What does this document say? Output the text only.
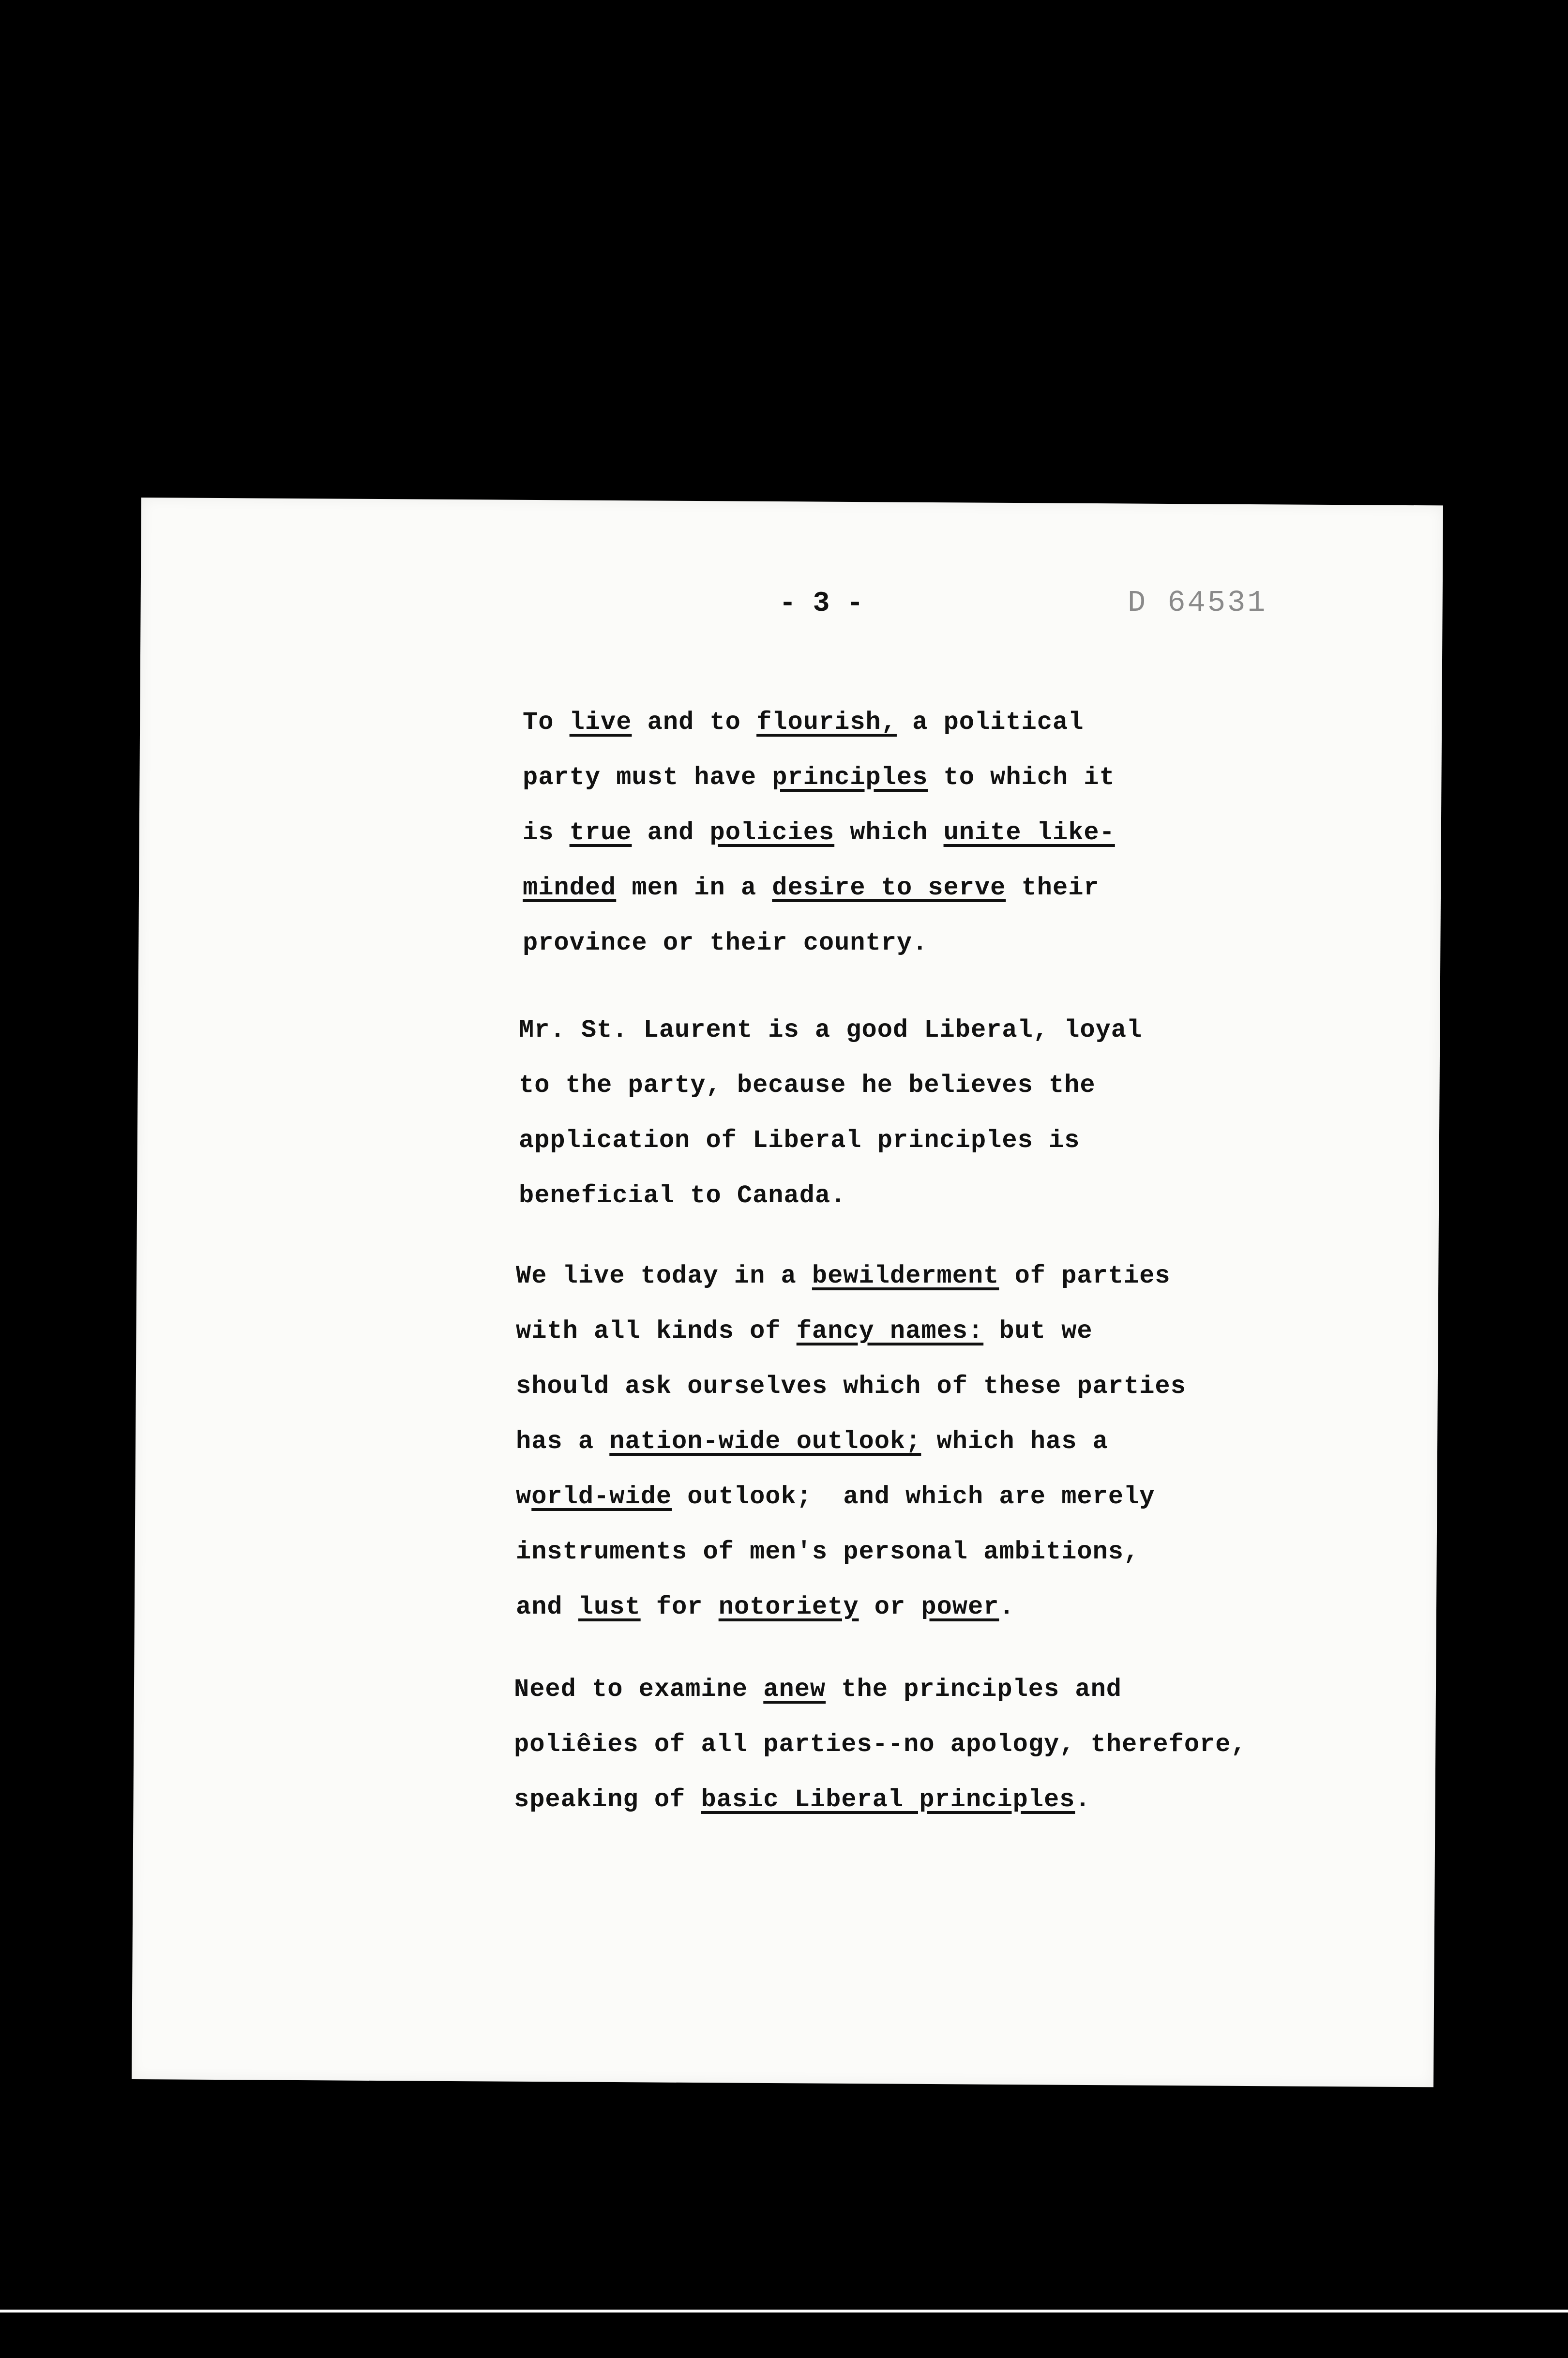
- 3 -	D 64531
To live and to flourish, a political
party must have principles to which it
is true and policies which unite like-
minded men in a desire to serve their
province or their country.
Mr. St. Laurent is a good Liberal, loyal
to the party, because he believes the
application of Liberal principles is
beneficial to Canada.
We live today in a bewilderment of parties
with all kinds of fancy names: but we
should ask ourselves which of these parties
has a nation-wide outlook; which has a
world-wide outlook;  and which are merely
instruments of men's personal ambitions,
and lust for notoriety or power.
Need to examine anew the principles and
poliêies of all parties--no apology, therefore,
speaking of basic Liberal principles.
